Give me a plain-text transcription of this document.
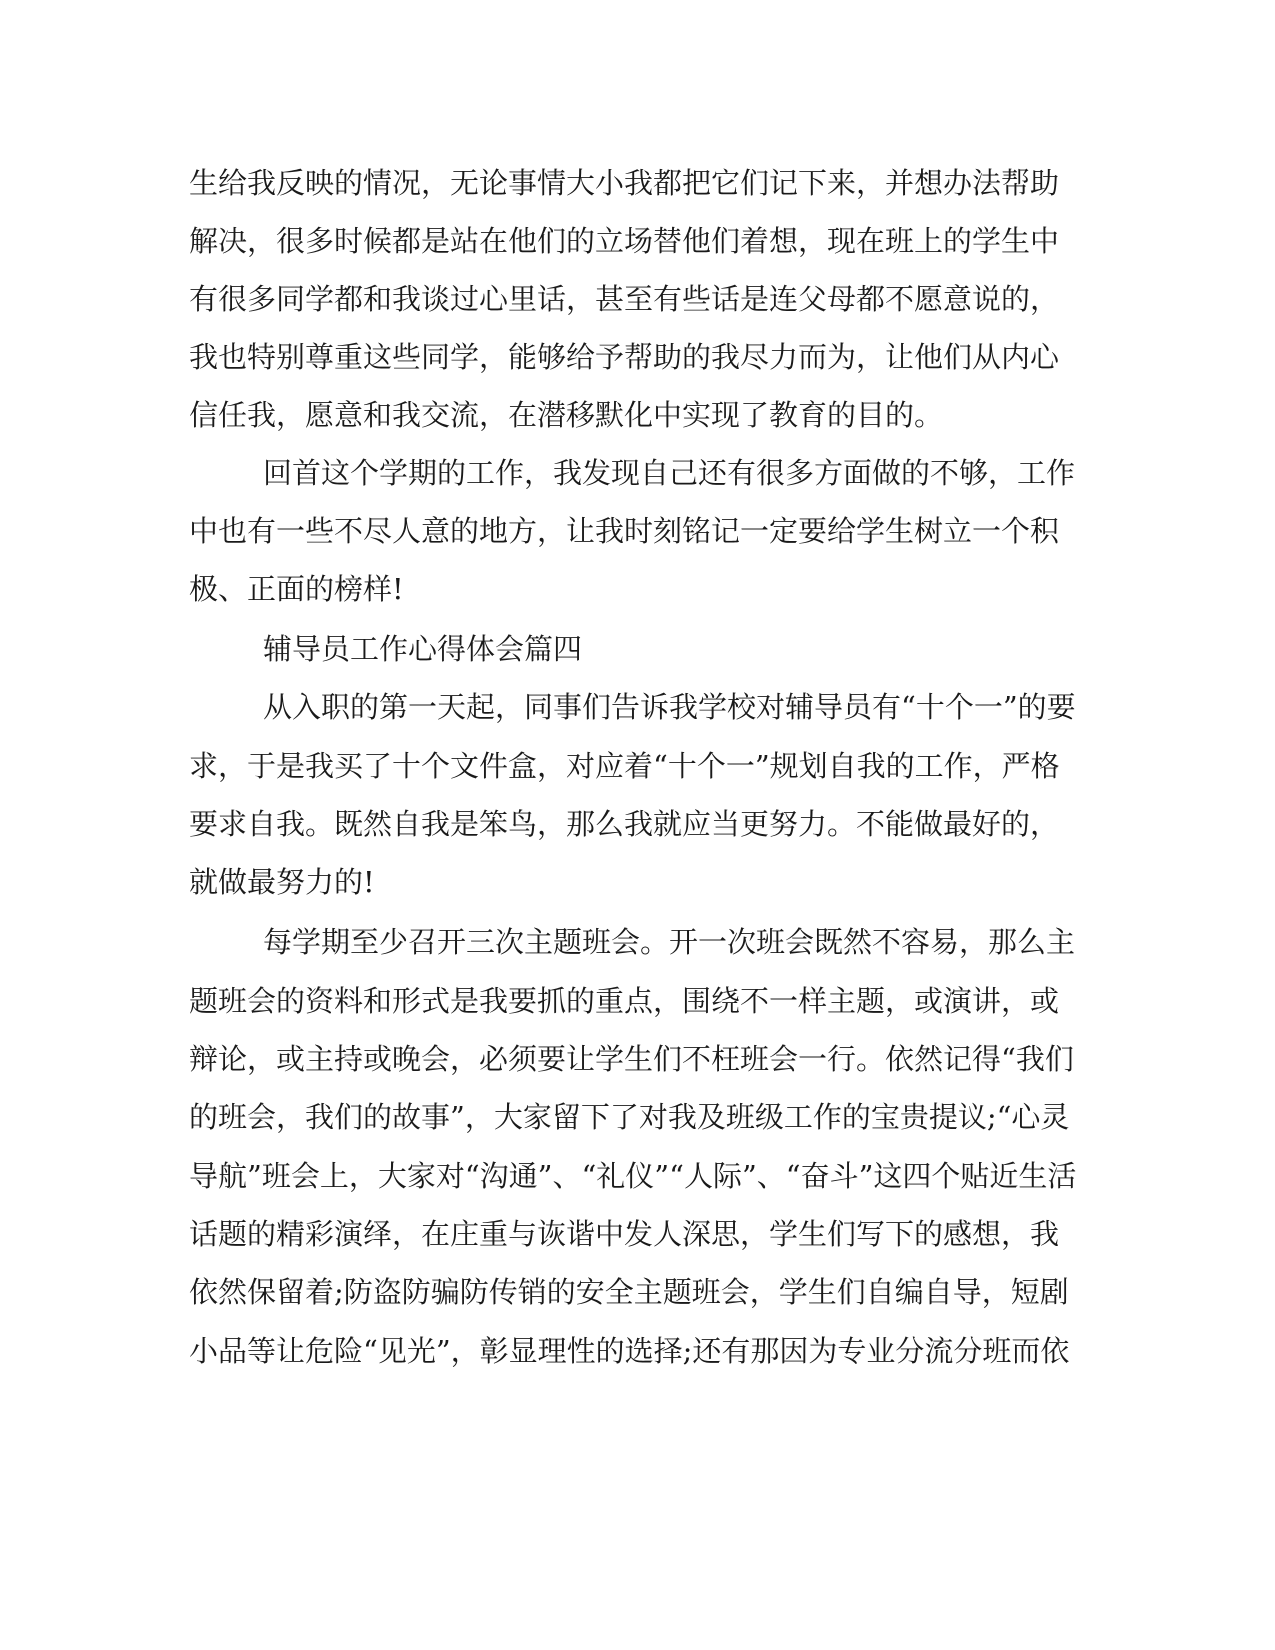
生给我反映的情况，无论事情大小我都把它们记下来，并想办法帮助
解决，很多时候都是站在他们的立场替他们着想，现在班上的学生中
有很多同学都和我谈过心里话，甚至有些话是连父母都不愿意说的，
我也特别尊重这些同学，能够给予帮助的我尽力而为，让他们从内心
信任我，愿意和我交流，在潜移默化中实现了教育的目的。
回首这个学期的工作，我发现自己还有很多方面做的不够，工作
中也有一些不尽人意的地方，让我时刻铭记一定要给学生树立一个积
极、正面的榜样!
辅导员工作心得体会篇四
从入职的第一天起，同事们告诉我学校对辅导员有“十个一”的要
求，于是我买了十个文件盒，对应着“十个一”规划自我的工作，严格
要求自我。既然自我是笨鸟，那么我就应当更努力。不能做最好的，
就做最努力的!
每学期至少召开三次主题班会。开一次班会既然不容易，那么主
题班会的资料和形式是我要抓的重点，围绕不一样主题，或演讲，或
辩论，或主持或晚会，必须要让学生们不枉班会一行。依然记得“我们
的班会，我们的故事”，大家留下了对我及班级工作的宝贵提议;“心灵
导航”班会上，大家对“沟通”、“礼仪”“人际”、“奋斗”这四个贴近生活
话题的精彩演绎，在庄重与诙谐中发人深思，学生们写下的感想，我
依然保留着;防盗防骗防传销的安全主题班会，学生们自编自导，短剧
小品等让危险“见光”，彰显理性的选择;还有那因为专业分流分班而依
